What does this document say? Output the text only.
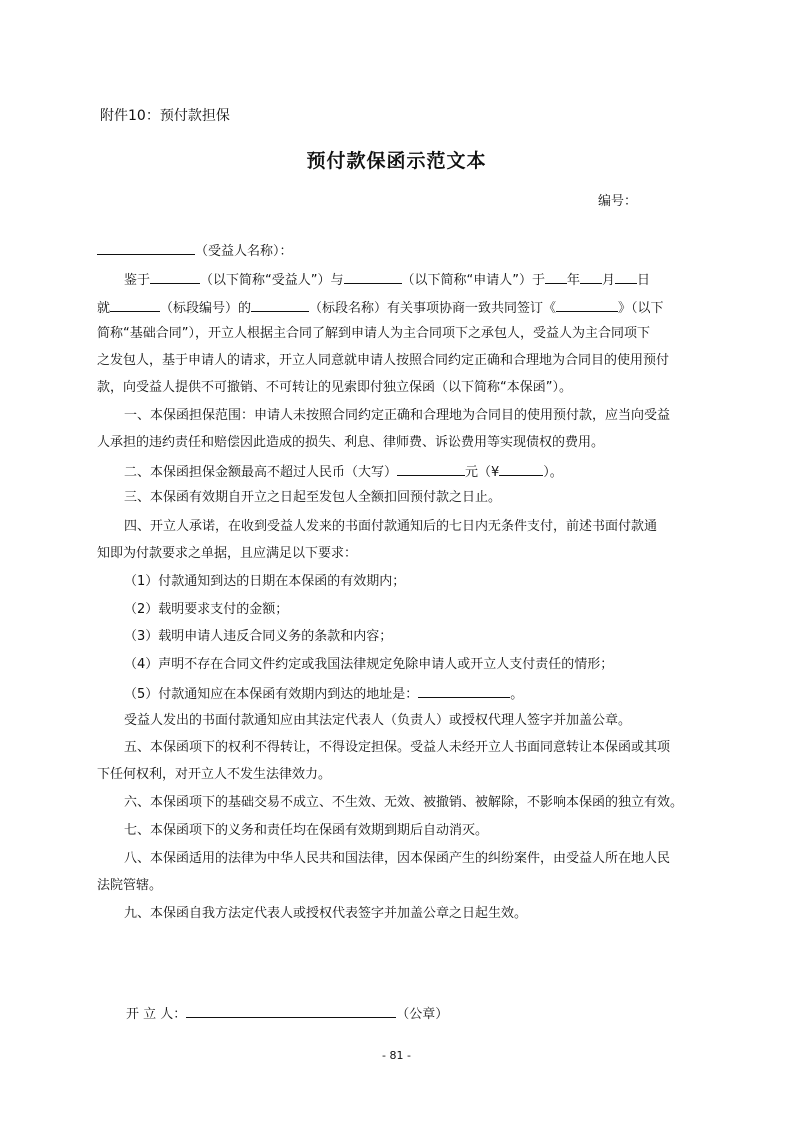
附件10：预付款担保
预付款保函示范文本
编号：
（受益人名称）：
鉴于	（以下简称“受益人”）与	（以下简称“申请人”）于 年 月 日
就	（标段编号）的	（标段名称）有关事项协商一致共同签订《	》（以下
简称“基础合同”），开立人根据主合同了解到申请人为主合同项下之承包人，受益人为主合同项下
之发包人，基于申请人的请求，开立人同意就申请人按照合同约定正确和合理地为合同目的使用预付
款，向受益人提供不可撤销、不可转让的见索即付独立保函（以下简称“本保函”）。
一、本保函担保范围：申请人未按照合同约定正确和合理地为合同目的使用预付款，应当向受益
人承担的违约责任和赔偿因此造成的损失、利息、律师费、诉讼费用等实现债权的费用。
二、本保函担保金额最高不超过人民币（大写）	元（¥	）。
三、本保函有效期自开立之日起至发包人全额扣回预付款之日止。
四、开立人承诺，在收到受益人发来的书面付款通知后的七日内无条件支付，前述书面付款通
知即为付款要求之单据，且应满足以下要求：
（1）付款通知到达的日期在本保函的有效期内；
（2）载明要求支付的金额；
（3）载明申请人违反合同义务的条款和内容；
（4）声明不存在合同文件约定或我国法律规定免除申请人或开立人支付责任的情形；
（5）付款通知应在本保函有效期内到达的地址是：	。
受益人发出的书面付款通知应由其法定代表人（负责人）或授权代理人签字并加盖公章。
五、本保函项下的权利不得转让，不得设定担保。受益人未经开立人书面同意转让本保函或其项
下任何权利，对开立人不发生法律效力。
六、本保函项下的基础交易不成立、不生效、无效、被撤销、被解除，不影响本保函的独立有效。
七、本保函项下的义务和责任均在保函有效期到期后自动消灭。
八、本保函适用的法律为中华人民共和国法律，因本保函产生的纠纷案件，由受益人所在地人民
法院管辖。
九、本保函自我方法定代表人或授权代表签字并加盖公章之日起生效。
开 立 人：	（公章）
- 81 -
